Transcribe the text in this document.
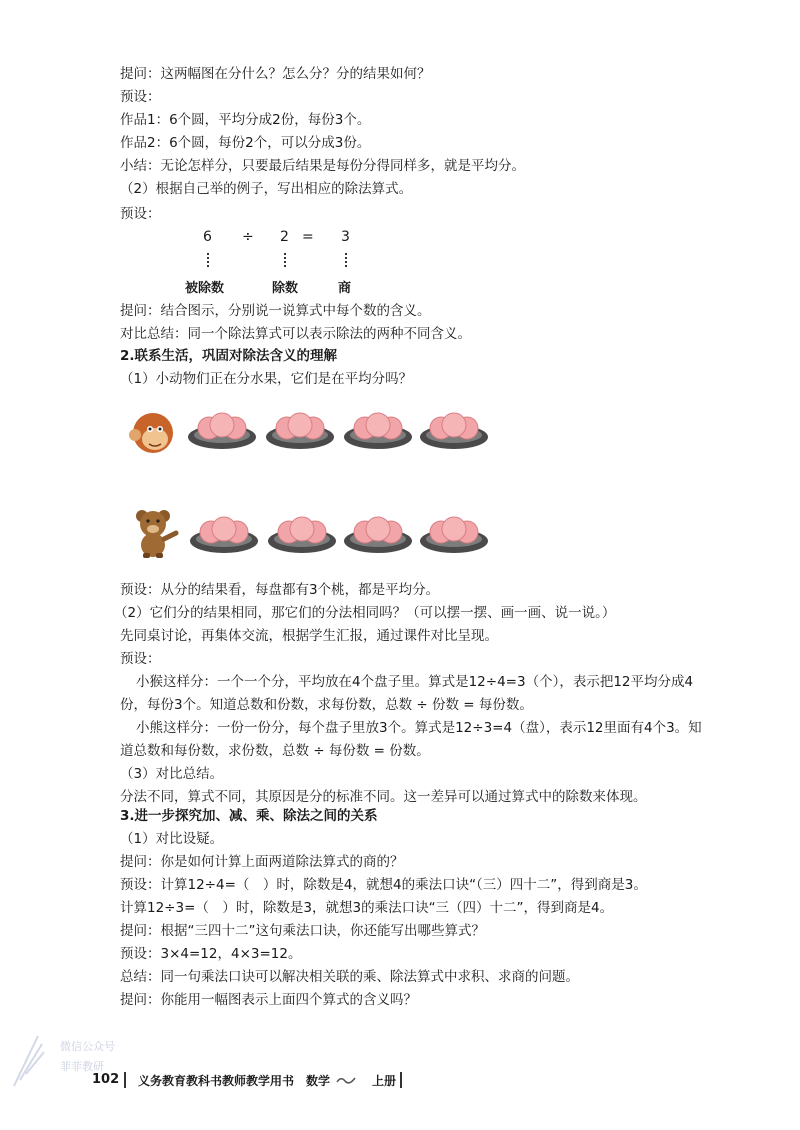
提问：这两幅图在分什么？怎么分？分的结果如何？
预设：
作品1：6个圆，平均分成2份，每份3个。
作品2：6个圆，每份2个，可以分成3份。
小结：无论怎样分，只要最后结果是每份分得同样多，就是平均分。
（2）根据自己举的例子，写出相应的除法算式。
预设：
6 ÷ 2 = 3
被除数	除数	商
提问：结合图示，分别说一说算式中每个数的含义。
对比总结：同一个除法算式可以表示除法的两种不同含义。
2.联系生活，巩固对除法含义的理解
（1）小动物们正在分水果，它们是在平均分吗？
预设：从分的结果看，每盘都有3个桃，都是平均分。
（2）它们分的结果相同，那它们的分法相同吗？（可以摆一摆、画一画、说一说。）
先同桌讨论，再集体交流，根据学生汇报，通过课件对比呈现。
预设：
小猴这样分：一个一个分，平均放在4个盘子里。算式是12÷4=3（个），表示把12平均分成4
份，每份3个。知道总数和份数，求每份数，总数 ÷ 份数 = 每份数。
小熊这样分：一份一份分，每个盘子里放3个。算式是12÷3=4（盘），表示12里面有4个3。知
道总数和每份数，求份数，总数 ÷ 每份数 = 份数。
（3）对比总结。
分法不同，算式不同，其原因是分的标准不同。这一差异可以通过算式中的除数来体现。
3.进一步探究加、减、乘、除法之间的关系
（1）对比设疑。
提问：你是如何计算上面两道除法算式的商的？
预设：计算12÷4=（　）时，除数是4，就想4的乘法口诀“（三）四十二”，得到商是3。
计算12÷3=（　）时，除数是3，就想3的乘法口诀“三（四）十二”，得到商是4。
提问：根据“三四十二”这句乘法口诀，你还能写出哪些算式？
预设：3×4=12，4×3=12。
总结：同一句乘法口诀可以解决相关联的乘、除法算式中求积、求商的问题。
提问：你能用一幅图表示上面四个算式的含义吗？
微信公众号
菲菲教研
102 义务教育教科书教师教学用书　数学	上册
